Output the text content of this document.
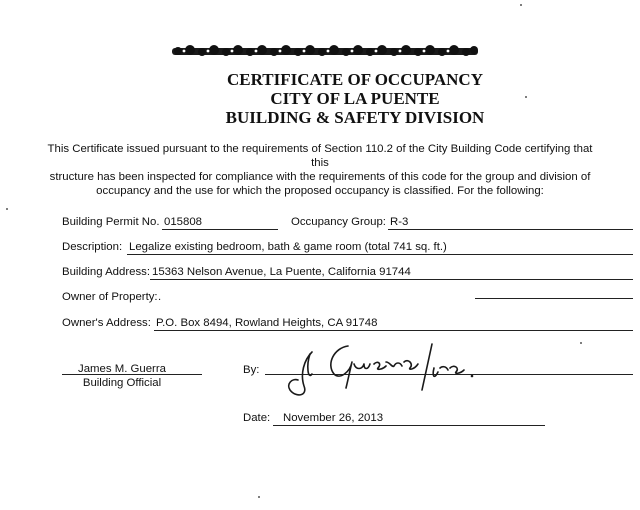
CERTIFICATE OF OCCUPANCY
CITY OF LA PUENTE
BUILDING & SAFETY DIVISION
This Certificate issued pursuant to the requirements of Section 110.2 of the City Building Code certifying that this
structure has been inspected for compliance with the requirements of this code for the group and division of
occupancy and the use for which the proposed occupancy is classified. For the following:
Building Permit No. 015808	Occupancy Group: R-3
Description: Legalize existing bedroom, bath & game room (total 741 sq. ft.)
Building Address: 15363 Nelson Avenue, La Puente, California 91744
Owner of Property: .
Owner's Address: P.O. Box 8494, Rowland Heights, CA 91748
James M. Guerra
Building Official
By:
Date:	November 26, 2013
